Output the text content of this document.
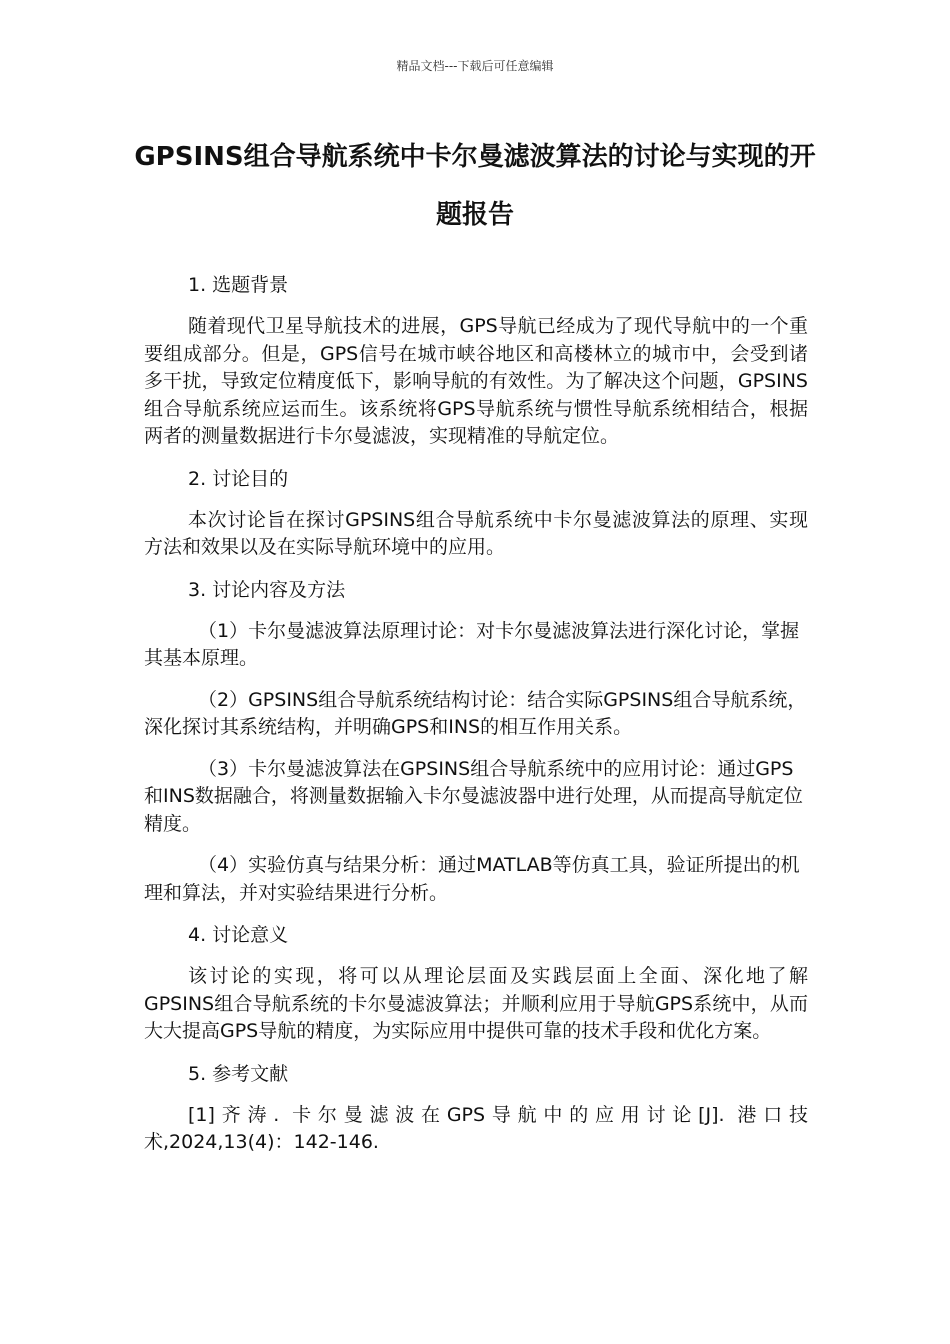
精品文档---下载后可任意编辑
GPSINS组合导航系统中卡尔曼滤波算法的讨论与实现的开题报告
1. 选题背景

随着现代卫星导航技术的进展，GPS导航已经成为了现代导航中的一个重要组成部分。但是，GPS信号在城市峡谷地区和高楼林立的城市中，会受到诸多干扰，导致定位精度低下，影响导航的有效性。为了解决这个问题，GPSINS组合导航系统应运而生。该系统将GPS导航系统与惯性导航系统相结合，根据两者的测量数据进行卡尔曼滤波，实现精准的导航定位。

2. 讨论目的

本次讨论旨在探讨GPSINS组合导航系统中卡尔曼滤波算法的原理、实现方法和效果以及在实际导航环境中的应用。

3. 讨论内容及方法

（1）卡尔曼滤波算法原理讨论：对卡尔曼滤波算法进行深化讨论，掌握其基本原理。

（2）GPSINS组合导航系统结构讨论：结合实际GPSINS组合导航系统，深化探讨其系统结构，并明确GPS和INS的相互作用关系。

（3）卡尔曼滤波算法在GPSINS组合导航系统中的应用讨论：通过GPS和INS数据融合，将测量数据输入卡尔曼滤波器中进行处理，从而提高导航定位精度。

（4）实验仿真与结果分析：通过MATLAB等仿真工具，验证所提出的机理和算法，并对实验结果进行分析。

4. 讨论意义

该讨论的实现，将可以从理论层面及实践层面上全面、深化地了解GPSINS组合导航系统的卡尔曼滤波算法；并顺利应用于导航GPS系统中，从而大大提高GPS导航的精度，为实际应用中提供可靠的技术手段和优化方案。

5. 参考文献

[1]齐涛. 卡尔曼滤波在GPS导航中的应用讨论[J]. 港口技术,2024,13(4)：142-146.
